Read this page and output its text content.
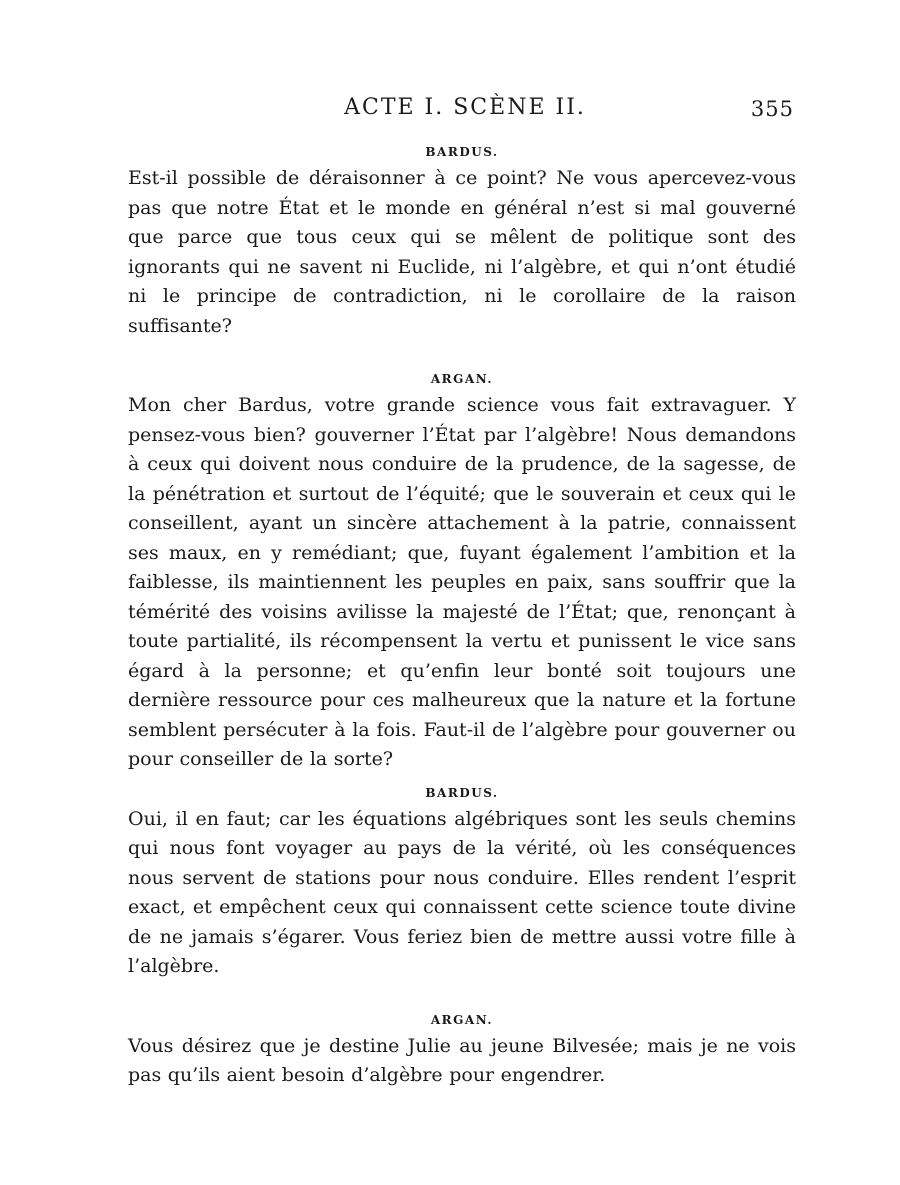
ACTE I. SCÈNE II.	355
BARDUS.

Est-il possible de déraisonner à ce point? Ne vous apercevez-vous pas que notre État et le monde en général n’est si mal gouverné que parce que tous ceux qui se mêlent de politique sont des ignorants qui ne savent ni Euclide, ni l’algèbre, et qui n’ont étudié ni le principe de contradiction, ni le corollaire de la raison suffisante?

ARGAN.

Mon cher Bardus, votre grande science vous fait extravaguer. Y pensez-vous bien? gouverner l’État par l’algèbre! Nous demandons à ceux qui doivent nous conduire de la prudence, de la sagesse, de la pénétration et surtout de l’équité; que le souverain et ceux qui le conseillent, ayant un sincère attachement à la patrie, connaissent ses maux, en y remédiant; que, fuyant également l’ambition et la faiblesse, ils maintiennent les peuples en paix, sans souffrir que la témérité des voisins avilisse la majesté de l’État; que, renonçant à toute partialité, ils récompensent la vertu et punissent le vice sans égard à la personne; et qu’enfin leur bonté soit toujours une dernière ressource pour ces malheureux que la nature et la fortune semblent persécuter à la fois. Faut-il de l’algèbre pour gouverner ou pour conseiller de la sorte?

BARDUS.

Oui, il en faut; car les équations algébriques sont les seuls chemins qui nous font voyager au pays de la vérité, où les conséquences nous servent de stations pour nous conduire. Elles rendent l’esprit exact, et empêchent ceux qui connaissent cette science toute divine de ne jamais s’égarer. Vous feriez bien de mettre aussi votre fille à l’algèbre.

ARGAN.

Vous désirez que je destine Julie au jeune Bilvesée; mais je ne vois pas qu’ils aient besoin d’algèbre pour engendrer.
